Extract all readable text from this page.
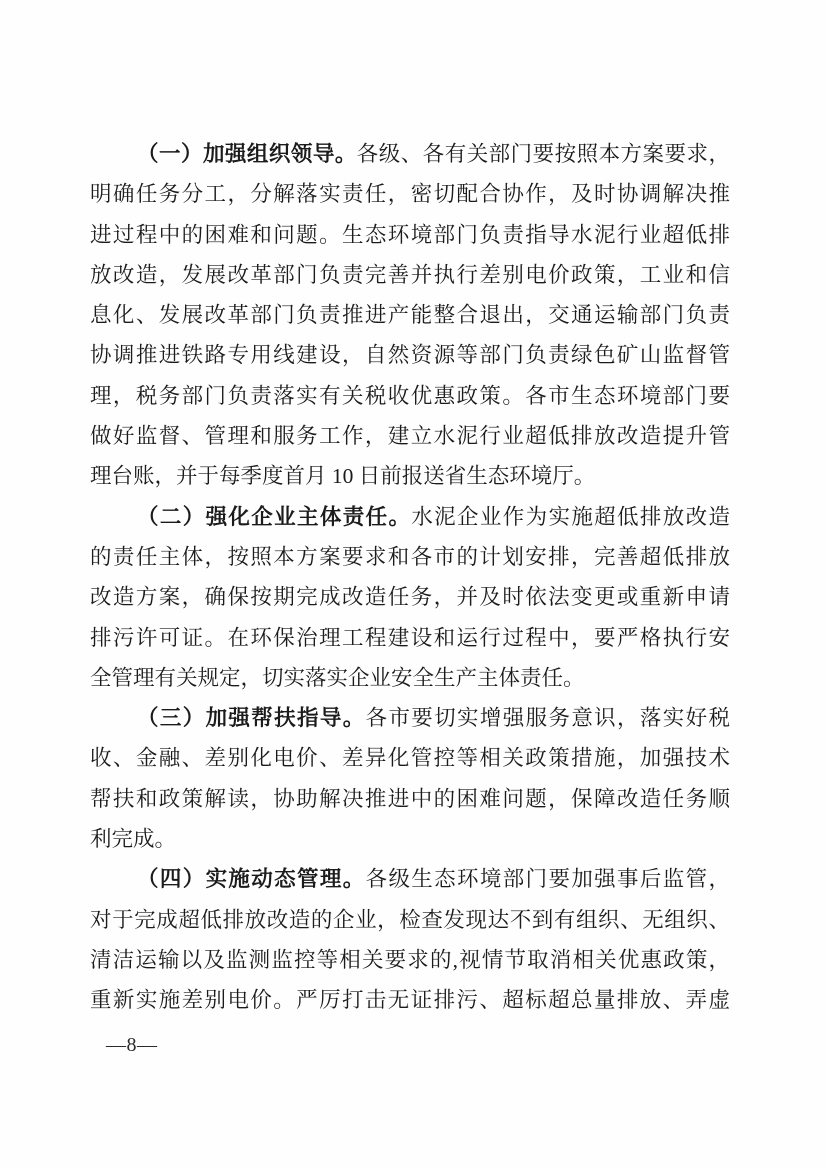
（一）加强组织领导。各级、各有关部门要按照本方案要求，
明确任务分工，分解落实责任，密切配合协作，及时协调解决推
进过程中的困难和问题。生态环境部门负责指导水泥行业超低排
放改造，发展改革部门负责完善并执行差别电价政策，工业和信
息化、发展改革部门负责推进产能整合退出，交通运输部门负责
协调推进铁路专用线建设，自然资源等部门负责绿色矿山监督管
理，税务部门负责落实有关税收优惠政策。各市生态环境部门要
做好监督、管理和服务工作，建立水泥行业超低排放改造提升管
理台账，并于每季度首月 10 日前报送省生态环境厅。
（二）强化企业主体责任。水泥企业作为实施超低排放改造
的责任主体，按照本方案要求和各市的计划安排，完善超低排放
改造方案，确保按期完成改造任务，并及时依法变更或重新申请
排污许可证。在环保治理工程建设和运行过程中，要严格执行安
全管理有关规定，切实落实企业安全生产主体责任。
（三）加强帮扶指导。各市要切实增强服务意识，落实好税
收、金融、差别化电价、差异化管控等相关政策措施，加强技术
帮扶和政策解读，协助解决推进中的困难问题，保障改造任务顺
利完成。
（四）实施动态管理。各级生态环境部门要加强事后监管，
对于完成超低排放改造的企业，检查发现达不到有组织、无组织、
清洁运输以及监测监控等相关要求的,视情节取消相关优惠政策，
重新实施差别电价。严厉打击无证排污、超标超总量排放、弄虚
—8—
